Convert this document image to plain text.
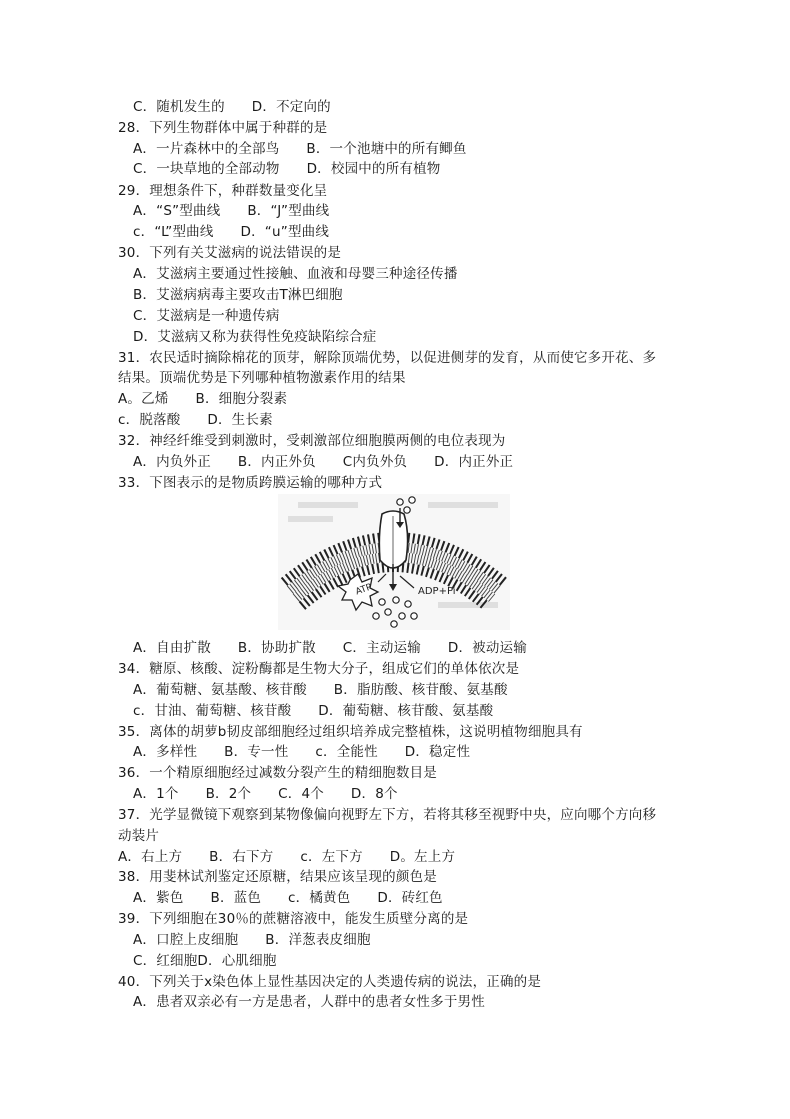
C．随机发生的      D．不定向的
28．下列生物群体中属于种群的是
A．一片森林中的全部鸟      B．一个池塘中的所有鲫鱼
C．一块草地的全部动物      D．校园中的所有植物
29．理想条件下，种群数量变化呈
A．“S”型曲线      B．“J”型曲线
c．“L”型曲线      D．“u”型曲线
30．下列有关艾滋病的说法错误的是
A．艾滋病主要通过性接触、血液和母婴三种途径传播
B．艾滋病病毒主要攻击T淋巴细胞
C．艾滋病是一种遗传病
D．艾滋病又称为获得性免疫缺陷综合症
31．农民适时摘除棉花的顶芽，解除顶端优势，以促进侧芽的发育，从而使它多开花、多
结果。顶端优势是下列哪种植物激素作用的结果
A。乙烯      B．细胞分裂素
c．脱落酸      D．生长素
32．神经纤维受到刺激时，受刺激部位细胞膜两侧的电位表现为
A．内负外正      B．内正外负      C内负外负      D．内正外正
33．下图表示的是物质跨膜运输的哪种方式
ATP	ADP+Pi
A．自由扩散      B．协助扩散      C．主动运输      D．被动运输
34．糖原、核酸、淀粉酶都是生物大分子，组成它们的单体依次是
A．葡萄糖、氨基酸、核苷酸      B．脂肪酸、核苷酸、氨基酸
c．甘油、葡萄糖、核苷酸      D．葡萄糖、核苷酸、氨基酸
35．离体的胡萝b韧皮部细胞经过组织培养成完整植株，这说明植物细胞具有
A．多样性      B．专一性      c．全能性      D．稳定性
36．一个精原细胞经过减数分裂产生的精细胞数目是
A．1个      B．2个      C．4个      D．8个
37．光学显微镜下观察到某物像偏向视野左下方，若将其移至视野中央，应向哪个方向移
动装片
A．右上方      B．右下方      c．左下方      D。左上方
38．用斐林试剂鉴定还原糖，结果应该呈现的颜色是
A．紫色      B．蓝色      c．橘黄色      D．砖红色
39．下列细胞在30％的蔗糖溶液中，能发生质壁分离的是
A．口腔上皮细胞      B．洋葱表皮细胞
C．红细胞D．心肌细胞
40．下列关于x染色体上显性基因决定的人类遗传病的说法，正确的是
A．患者双亲必有一方是患者，人群中的患者女性多于男性
